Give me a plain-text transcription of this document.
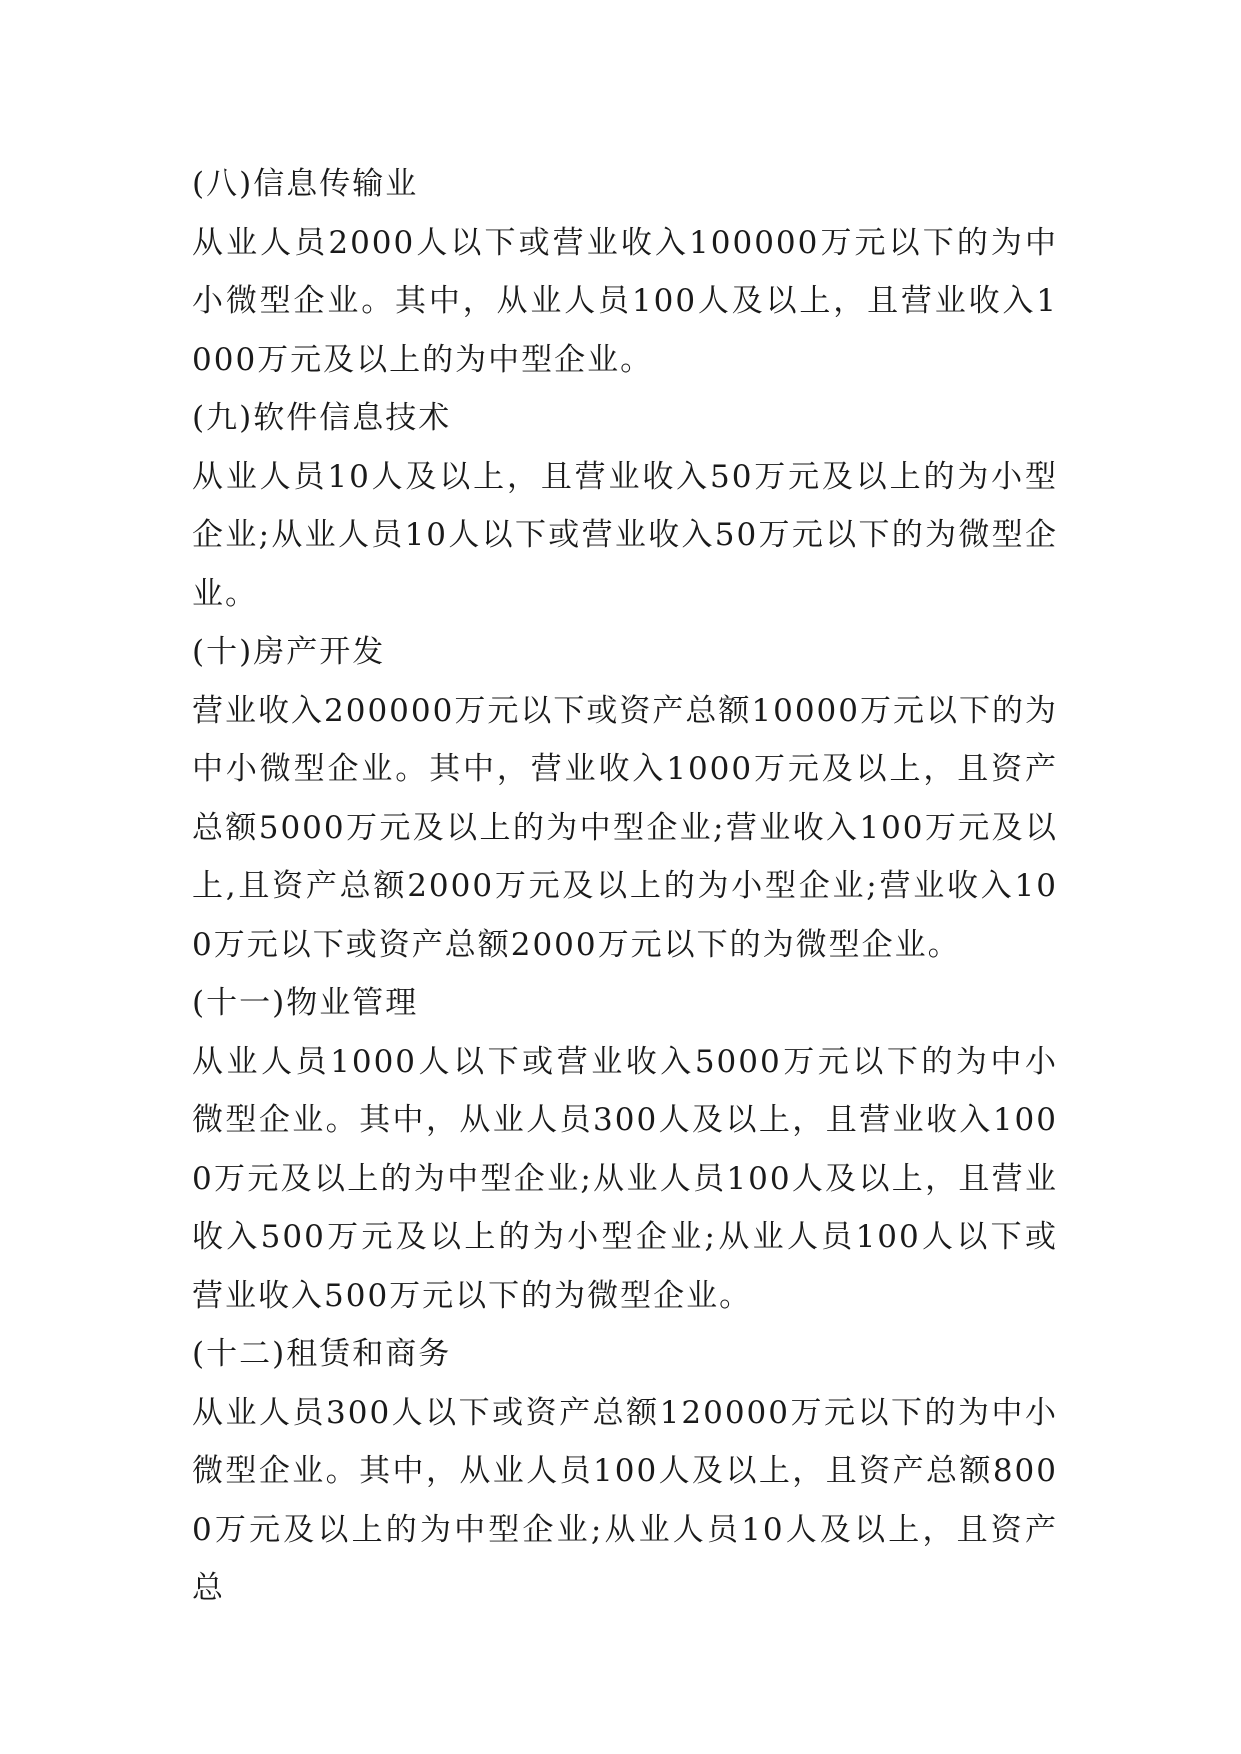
(八)信息传输业

从业人员2000人以下或营业收入100000万元以下的为中小微型企业。其中，从业人员100人及以上，且营业收入1000万元及以上的为中型企业。

(九)软件信息技术

从业人员10人及以上，且营业收入50万元及以上的为小型企业;从业人员10人以下或营业收入50万元以下的为微型企业。

(十)房产开发

营业收入200000万元以下或资产总额10000万元以下的为中小微型企业。其中，营业收入1000万元及以上，且资产总额5000万元及以上的为中型企业;营业收入100万元及以上,且资产总额2000万元及以上的为小型企业;营业收入100万元以下或资产总额2000万元以下的为微型企业。

(十一)物业管理

从业人员1000人以下或营业收入5000万元以下的为中小微型企业。其中，从业人员300人及以上，且营业收入1000万元及以上的为中型企业;从业人员100人及以上，且营业收入500万元及以上的为小型企业;从业人员100人以下或营业收入500万元以下的为微型企业。

(十二)租赁和商务

从业人员300人以下或资产总额120000万元以下的为中小微型企业。其中，从业人员100人及以上，且资产总额8000万元及以上的为中型企业;从业人员10人及以上，且资产总
